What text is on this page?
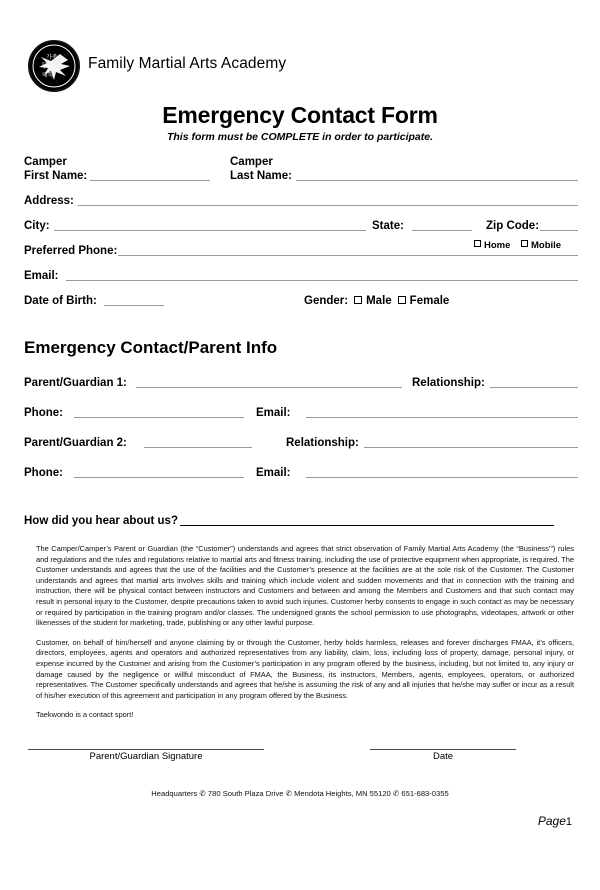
가족
무술
대학
Family Martial Arts Academy
Emergency Contact Form
This form must be COMPLETE in order to participate.
Camper
First Name:
Camper
Last Name:
Address:
City:	State:	Zip Code:
Preferred Phone:	Home	Mobile
Email:
Date of Birth:	Gender: Male Female
Emergency Contact/Parent Info
Parent/Guardian 1:	Relationship:
Phone:	Email:
Parent/Guardian 2:	Relationship:
Phone:	Email:
How did you hear about us?

The Camper/Camper’s Parent or Guardian (the “Customer”) understands and agrees that strict observation of Family Martial Arts Academy (the “Business’”) rules and regulations and the rules and regulations relative to martial arts and fitness training, including the use of protective equipment when appropriate, is required. The Customer understands and agrees that the use of the facilities and the Customer’s presence at the facilities are at the sole risk of the Customer. The Customer understands and agrees that martial arts involves skills and training which include violent and sudden movements and that in connection with the training and instruction, there will be physical contact between instructors and Customers and between and among the Members and Customers and that such contact may result in personal injury to the Customer, despite precautions taken to avoid such injuries. Customer herby consents to engage in such contact as may be necessary or required by participation in the training program and/or classes. The undersigned grants the school permission to use photographs, videotapes, artwork or other likenesses of the student for marketing, trade, publishing or any other lawful purpose.

Customer, on behalf of him/herself and anyone claiming by or through the Customer, herby holds harmless, releases and forever discharges FMAA, it’s officers, directors, employees, agents and operators and authorized representatives from any liability, claim, loss, including loss of property, damage, personal injury, or expense incurred by the Customer and arising from the Customer’s participation in any program offered by the business, including, but not limited to, any injury or damage caused by the negligence or willful misconduct of FMAA, the Business, its instructors, Members, agents, employees, operators, or authorized representatives. The Customer specifically understands and agrees that he/she is assuming the risk of any and all injuries that he/she may suffer or incur as a result of his/her execution of this agreement and participation in any program offered by the Business.

Taekwondo is a contact sport!

Parent/Guardian Signature	Date
Headquarters ✆ 780 South Plaza Drive ✆ Mendota Heights, MN 55120 ✆ 651-683-0355
Page1
